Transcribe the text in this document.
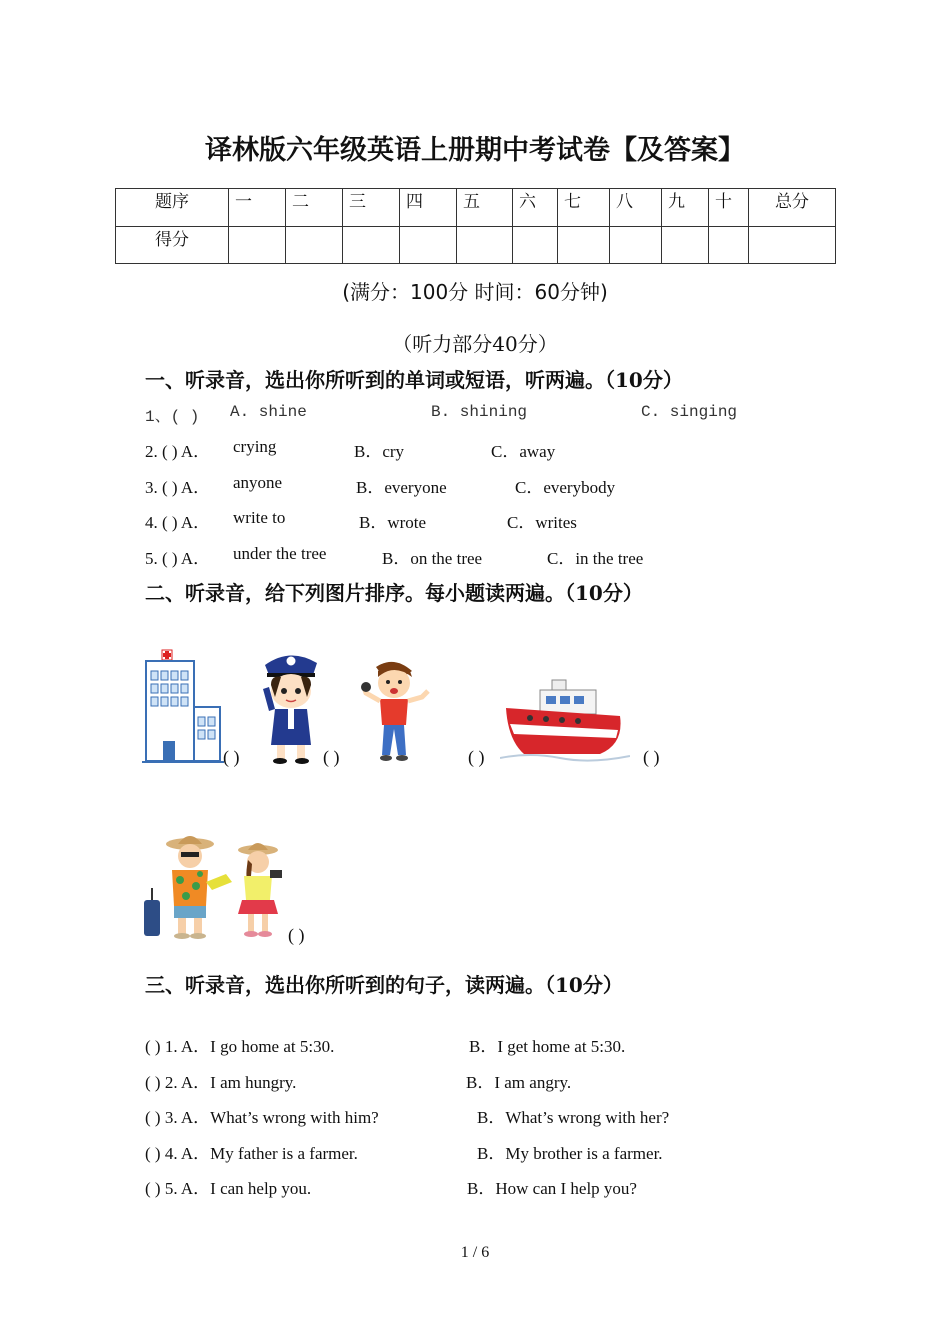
译林版六年级英语上册期中考试卷【及答案】
题序	一	二	三	四	五	六	七	八	九	十	总分
得分											
(满分：100分 时间：60分钟)
（听力部分40分）
一、听录音，选出你所听到的单词或短语，听两遍。（10分）
1、( ) A. shine	B. shining	C. singing
2. ( ) A． crying	B．cry	C．away
3. ( ) A． anyone	B．everyone	C．everybody
4. ( ) A． write to	B．wrote	C．writes
5. ( ) A． under the tree	B．on the tree	C．in the tree
二、听录音，给下列图片排序。每小题读两遍。（10分）
( )	( )	( )	( )
( )
三、听录音，选出你所听到的句子，读两遍。（10分）
( ) 1. A．I go home at 5:30.	B．I get home at 5:30.
( ) 2. A．I am hungry.	B．I am angry.
( ) 3. A．What’s wrong with him?	B．What’s wrong with her?
( ) 4. A．My father is a farmer.	B．My brother is a farmer.
( ) 5. A．I can help you.	B．How can I help you?
1 / 6
